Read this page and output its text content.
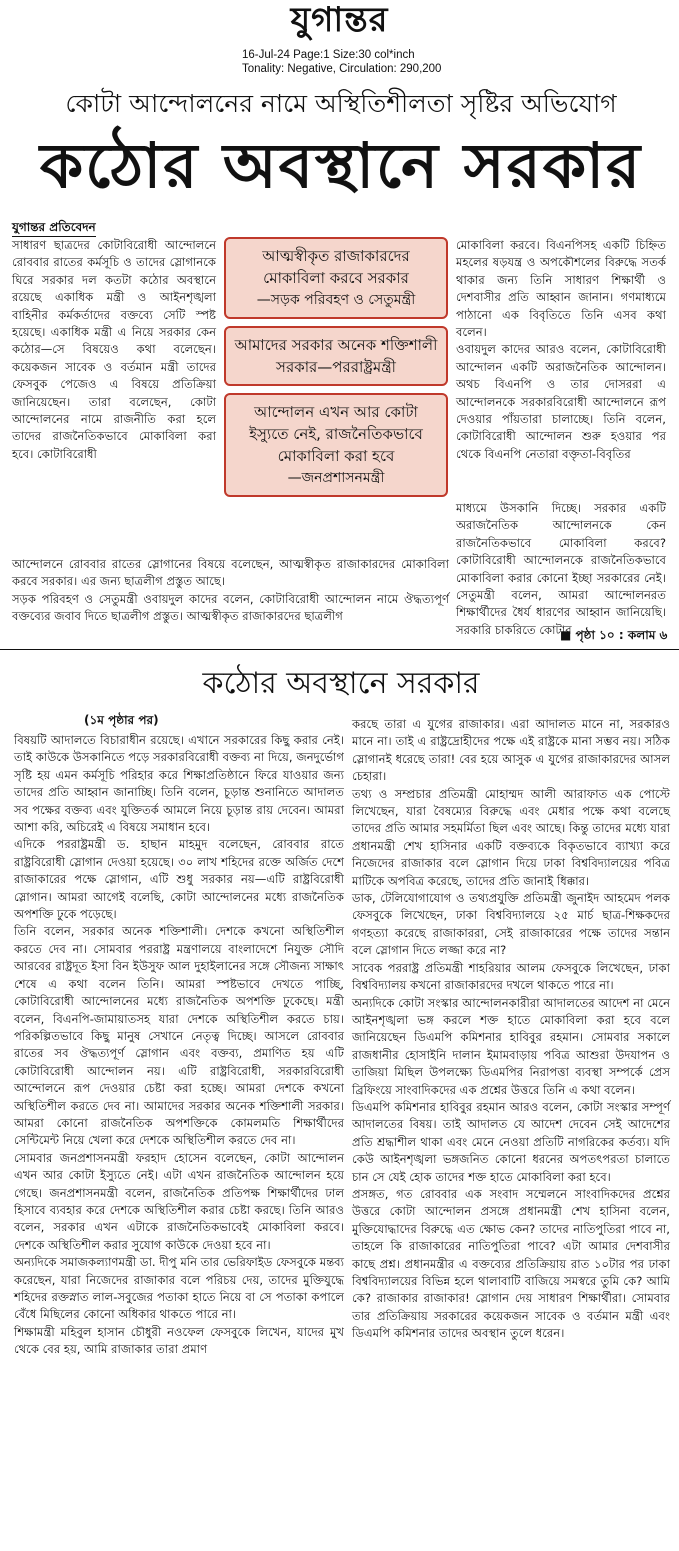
যুগান্তর
16-Jul-24 Page:1 Size:30 col*inch
Tonality: Negative, Circulation: 290,200
কোটা আন্দোলনের নামে অস্থিতিশীলতা সৃষ্টির অভিযোগ
কঠোর অবস্থানে সরকার
যুগান্তর প্রতিবেদন

সাধারণ ছাত্রদের কোটাবিরোধী আন্দোলনে রোববার রাতের কর্মসূচি ও তাদের স্লোগানকে ঘিরে সরকার দল কতটা কঠোর অবস্থানে রয়েছে একাধিক মন্ত্রী ও আইনশৃঙ্খলা বাহিনীর কর্মকর্তাদের বক্তব্যে সেটি স্পষ্ট হয়েছে। একাধিক মন্ত্রী এ নিয়ে সরকার কেন কঠোর—সে বিষয়েও কথা বলেছেন। কয়েকজন সাবেক ও বর্তমান মন্ত্রী তাদের ফেসবুক পেজেও এ বিষয়ে প্রতিক্রিয়া জানিয়েছেন। তারা বলেছেন, কোটা আন্দোলনের নামে রাজনীতি করা হলে তাদের রাজনৈতিকভাবে মোকাবিলা করা হবে। কোটাবিরোধী

আত্মস্বীকৃত রাজাকারদের মোকাবিলা করবে সরকার
—সড়ক পরিবহণ ও সেতুমন্ত্রী
আমাদের সরকার অনেক শক্তিশালী সরকার—পররাষ্ট্রমন্ত্রী
আন্দোলন এখন আর কোটা ইস্যুতে নেই, রাজনৈতিকভাবে মোকাবিলা করা হবে
—জনপ্রশাসনমন্ত্রী

মোকাবিলা করবে। বিএনপিসহ একটি চিহ্নিত মহলের ষড়যন্ত্র ও অপকৌশলের বিরুদ্ধে সতর্ক থাকার জন্য তিনি সাধারণ শিক্ষার্থী ও দেশবাসীর প্রতি আহ্বান জানান। গণমাধ্যমে পাঠানো এক বিবৃতিতে তিনি এসব কথা বলেন।
ওবায়দুল কাদের আরও বলেন, কোটাবিরোধী আন্দোলন একটি অরাজনৈতিক আন্দোলন। অথচ বিএনপি ও তার দোসররা এ আন্দোলনকে সরকারবিরোধী আন্দোলনে রূপ দেওয়ার পাঁয়তারা চালাচ্ছে। তিনি বলেন, কোটাবিরোধী আন্দোলন শুরু হওয়ার পর থেকে বিএনপি নেতারা বক্তৃতা-বিবৃতির

আন্দোলনে রোববার রাতের স্লোগানের বিষয়ে বলেছেন, আত্মস্বীকৃত রাজাকারদের মোকাবিলা করবে সরকার। এর জন্য ছাত্রলীগ প্রস্তুত আছে।
সড়ক পরিবহণ ও সেতুমন্ত্রী ওবায়দুল কাদের বলেন, কোটাবিরোধী আন্দোলন নামে ঔদ্ধত্যপূর্ণ বক্তব্যের জবাব দিতে ছাত্রলীগ প্রস্তুত। আত্মস্বীকৃত রাজাকারদের ছাত্রলীগ

মাধ্যমে উসকানি দিচ্ছে। সরকার একটি অরাজনৈতিক আন্দোলনকে কেন রাজনৈতিকভাবে মোকাবিলা করবে? কোটাবিরোধী আন্দোলনকে রাজনৈতিকভাবে মোকাবিলা করার কোনো ইচ্ছা সরকারের নেই। সেতুমন্ত্রী বলেন, আমরা আন্দোলনরত শিক্ষার্থীদের ধৈর্য ধারণের আহ্বান জানিয়েছি। সরকারি চাকরিতে কোটার

■ পৃষ্ঠা ১০ : কলাম ৬
কঠোর অবস্থানে সরকার
(১ম পৃষ্ঠার পর)

বিষয়টি আদালতে বিচারাধীন রয়েছে। এখানে সরকারের কিছু করার নেই। তাই কাউকে উসকানিতে পড়ে সরকারবিরোধী বক্তব্য না দিয়ে, জনদুর্ভোগ সৃষ্টি হয় এমন কর্মসূচি পরিহার করে শিক্ষাপ্রতিষ্ঠানে ফিরে যাওয়ার জন্য তাদের প্রতি আহ্বান জানাচ্ছি। তিনি বলেন, চূড়ান্ত শুনানিতে আদালত সব পক্ষের বক্তব্য এবং যুক্তিতর্ক আমলে নিয়ে চূড়ান্ত রায় দেবেন। আমরা আশা করি, অচিরেই এ বিষয়ে সমাধান হবে।
এদিকে পররাষ্ট্রমন্ত্রী ড. হাছান মাহমুদ বলেছেন, রোববার রাতে রাষ্ট্রবিরোধী স্লোগান দেওয়া হয়েছে। ৩০ লাখ শহিদের রক্তে অর্জিত দেশে রাজাকারের পক্ষে স্লোগান, এটি শুধু সরকার নয়—এটি রাষ্ট্রবিরোধী স্লোগান। আমরা আগেই বলেছি, কোটা আন্দোলনের মধ্যে রাজনৈতিক অপশক্তি ঢুকে পড়েছে।
তিনি বলেন, সরকার অনেক শক্তিশালী। দেশকে কখনো অস্থিতিশীল করতে দেব না। সোমবার পররাষ্ট্র মন্ত্রণালয়ে বাংলাদেশে নিযুক্ত সৌদি আরবের রাষ্ট্রদূত ইসা বিন ইউসুফ আল দুহাইলানের সঙ্গে সৌজন্য সাক্ষাৎ শেষে এ কথা বলেন তিনি। আমরা স্পষ্টভাবে দেখতে পাচ্ছি, কোটাবিরোধী আন্দোলনের মধ্যে রাজনৈতিক অপশক্তি ঢুকেছে। মন্ত্রী বলেন, বিএনপি-জামায়াতসহ যারা দেশকে অস্থিতিশীল করতে চায়। পরিকল্পিতভাবে কিছু মানুষ সেখানে নেতৃত্ব দিচ্ছে। আসলে রোববার রাতের সব ঔদ্ধত্যপূর্ণ স্লোগান এবং বক্তব্য, প্রমাণিত হয় এটি কোটাবিরোধী আন্দোলন নয়। এটি রাষ্ট্রবিরোধী, সরকারবিরোধী আন্দোলনে রূপ দেওয়ার চেষ্টা করা হচ্ছে। আমরা দেশকে কখনো অস্থিতিশীল করতে দেব না। আমাদের সরকার অনেক শক্তিশালী সরকার। আমরা কোনো রাজনৈতিক অপশক্তিকে কোমলমতি শিক্ষার্থীদের সেন্টিমেন্ট নিয়ে খেলা করে দেশকে অস্থিতিশীল করতে দেব না।
সোমবার জনপ্রশাসনমন্ত্রী ফরহাদ হোসেন বলেছেন, কোটা আন্দোলন এখন আর কোটা ইস্যুতে নেই। এটা এখন রাজনৈতিক আন্দোলন হয়ে গেছে। জনপ্রশাসনমন্ত্রী বলেন, রাজনৈতিক প্রতিপক্ষ শিক্ষার্থীদের ঢাল হিসাবে ব্যবহার করে দেশকে অস্থিতিশীল করার চেষ্টা করছে। তিনি আরও বলেন, সরকার এখন এটাকে রাজনৈতিকভাবেই মোকাবিলা করবে। দেশকে অস্থিতিশীল করার সুযোগ কাউকে দেওয়া হবে না।
অন্যদিকে সমাজকল্যাণমন্ত্রী ডা. দীপু মনি তার ভেরিফাইড ফেসবুকে মন্তব্য করেছেন, যারা নিজেদের রাজাকার বলে পরিচয় দেয়, তাদের মুক্তিযুদ্ধে শহিদের রক্তস্নাত লাল-সবুজের পতাকা হাতে নিয়ে বা সে পতাকা কপালে বেঁধে মিছিলের কোনো অধিকার থাকতে পারে না।
শিক্ষামন্ত্রী মহিবুল হাসান চৌধুরী নওফেল ফেসবুকে লিখেন, যাদের মুখ থেকে বের হয়, আমি রাজাকার তারা প্রমাণ

করছে তারা এ যুগের রাজাকার। এরা আদালত মানে না, সরকারও মানে না। তাই এ রাষ্ট্রদ্রোহীদের পক্ষে এই রাষ্ট্রকে মানা সম্ভব নয়। সঠিক স্লোগানই ধরেছে তারা! বের হয়ে আসুক এ যুগের রাজাকারদের আসল চেহারা।
তথ্য ও সম্প্রচার প্রতিমন্ত্রী মোহাম্মদ আলী আরাফাত এক পোস্টে লিখেছেন, যারা বৈষম্যের বিরুদ্ধে এবং মেধার পক্ষে কথা বলেছে তাদের প্রতি আমার সহমর্মিতা ছিল এবং আছে। কিন্তু তাদের মধ্যে যারা প্রধানমন্ত্রী শেখ হাসিনার একটি বক্তব্যকে বিকৃতভাবে ব্যাখ্যা করে নিজেদের রাজাকার বলে স্লোগান দিয়ে ঢাকা বিশ্ববিদ্যালয়ের পবিত্র মাটিকে অপবিত্র করেছে, তাদের প্রতি জানাই ধিক্কার।
ডাক, টেলিযোগাযোগ ও তথ্যপ্রযুক্তি প্রতিমন্ত্রী জুনাইদ আহমেদ পলক ফেসবুকে লিখেছেন, ঢাকা বিশ্ববিদ্যালয়ে ২৫ মার্চ ছাত্র-শিক্ষকদের গণহত্যা করেছে রাজাকাররা, সেই রাজাকারের পক্ষে তাদের সন্তান বলে স্লোগান দিতে লজ্জা করে না?
সাবেক পররাষ্ট্র প্রতিমন্ত্রী শাহরিয়ার আলম ফেসবুকে লিখেছেন, ঢাকা বিশ্ববিদ্যালয় কখনো রাজাকারদের দখলে থাকতে পারে না।
অন্যদিকে কোটা সংস্কার আন্দোলনকারীরা আদালতের আদেশ না মেনে আইনশৃঙ্খলা ভঙ্গ করলে শক্ত হাতে মোকাবিলা করা হবে বলে জানিয়েছেন ডিএমপি কমিশনার হাবিবুর রহমান। সোমবার সকালে রাজধানীর হোসাইনি দালান ইমামবাড়ায় পবিত্র আশুরা উদযাপন ও তাজিয়া মিছিল উপলক্ষ্যে ডিএমপির নিরাপত্তা ব্যবস্থা সম্পর্কে প্রেস ব্রিফিংয়ে সাংবাদিকদের এক প্রশ্নের উত্তরে তিনি এ কথা বলেন।
ডিএমপি কমিশনার হাবিবুর রহমান আরও বলেন, কোটা সংস্কার সম্পূর্ণ আদালতের বিষয়। তাই আদালত যে আদেশ দেবেন সেই আদেশের প্রতি শ্রদ্ধাশীল থাকা এবং মেনে নেওয়া প্রতিটি নাগরিকের কর্তব্য। যদি কেউ আইনশৃঙ্খলা ভঙ্গজনিত কোনো ধরনের অপতৎপরতা চালাতে চান সে যেই হোক তাদের শক্ত হাতে মোকাবিলা করা হবে।
প্রসঙ্গত, গত রোববার এক সংবাদ সম্মেলনে সাংবাদিকদের প্রশ্নের উত্তরে কোটা আন্দোলন প্রসঙ্গে প্রধানমন্ত্রী শেখ হাসিনা বলেন, মুক্তিযোদ্ধাদের বিরুদ্ধে এত ক্ষোভ কেন? তাদের নাতিপুতিরা পাবে না, তাহলে কি রাজাকারের নাতিপুতিরা পাবে? এটা আমার দেশবাসীর কাছে প্রশ্ন। প্রধানমন্ত্রীর এ বক্তব্যের প্রতিক্রিয়ায় রাত ১০টার পর ঢাকা বিশ্ববিদ্যালয়ের বিভিন্ন হলে থালাবাটি বাজিয়ে সমস্বরে তুমি কে? আমি কে? রাজাকার রাজাকার! স্লোগান দেয় সাধারণ শিক্ষার্থীরা। সোমবার তার প্রতিক্রিয়ায় সরকারের কয়েকজন সাবেক ও বর্তমান মন্ত্রী এবং ডিএমপি কমিশনার তাদের অবস্থান তুলে ধরেন।
